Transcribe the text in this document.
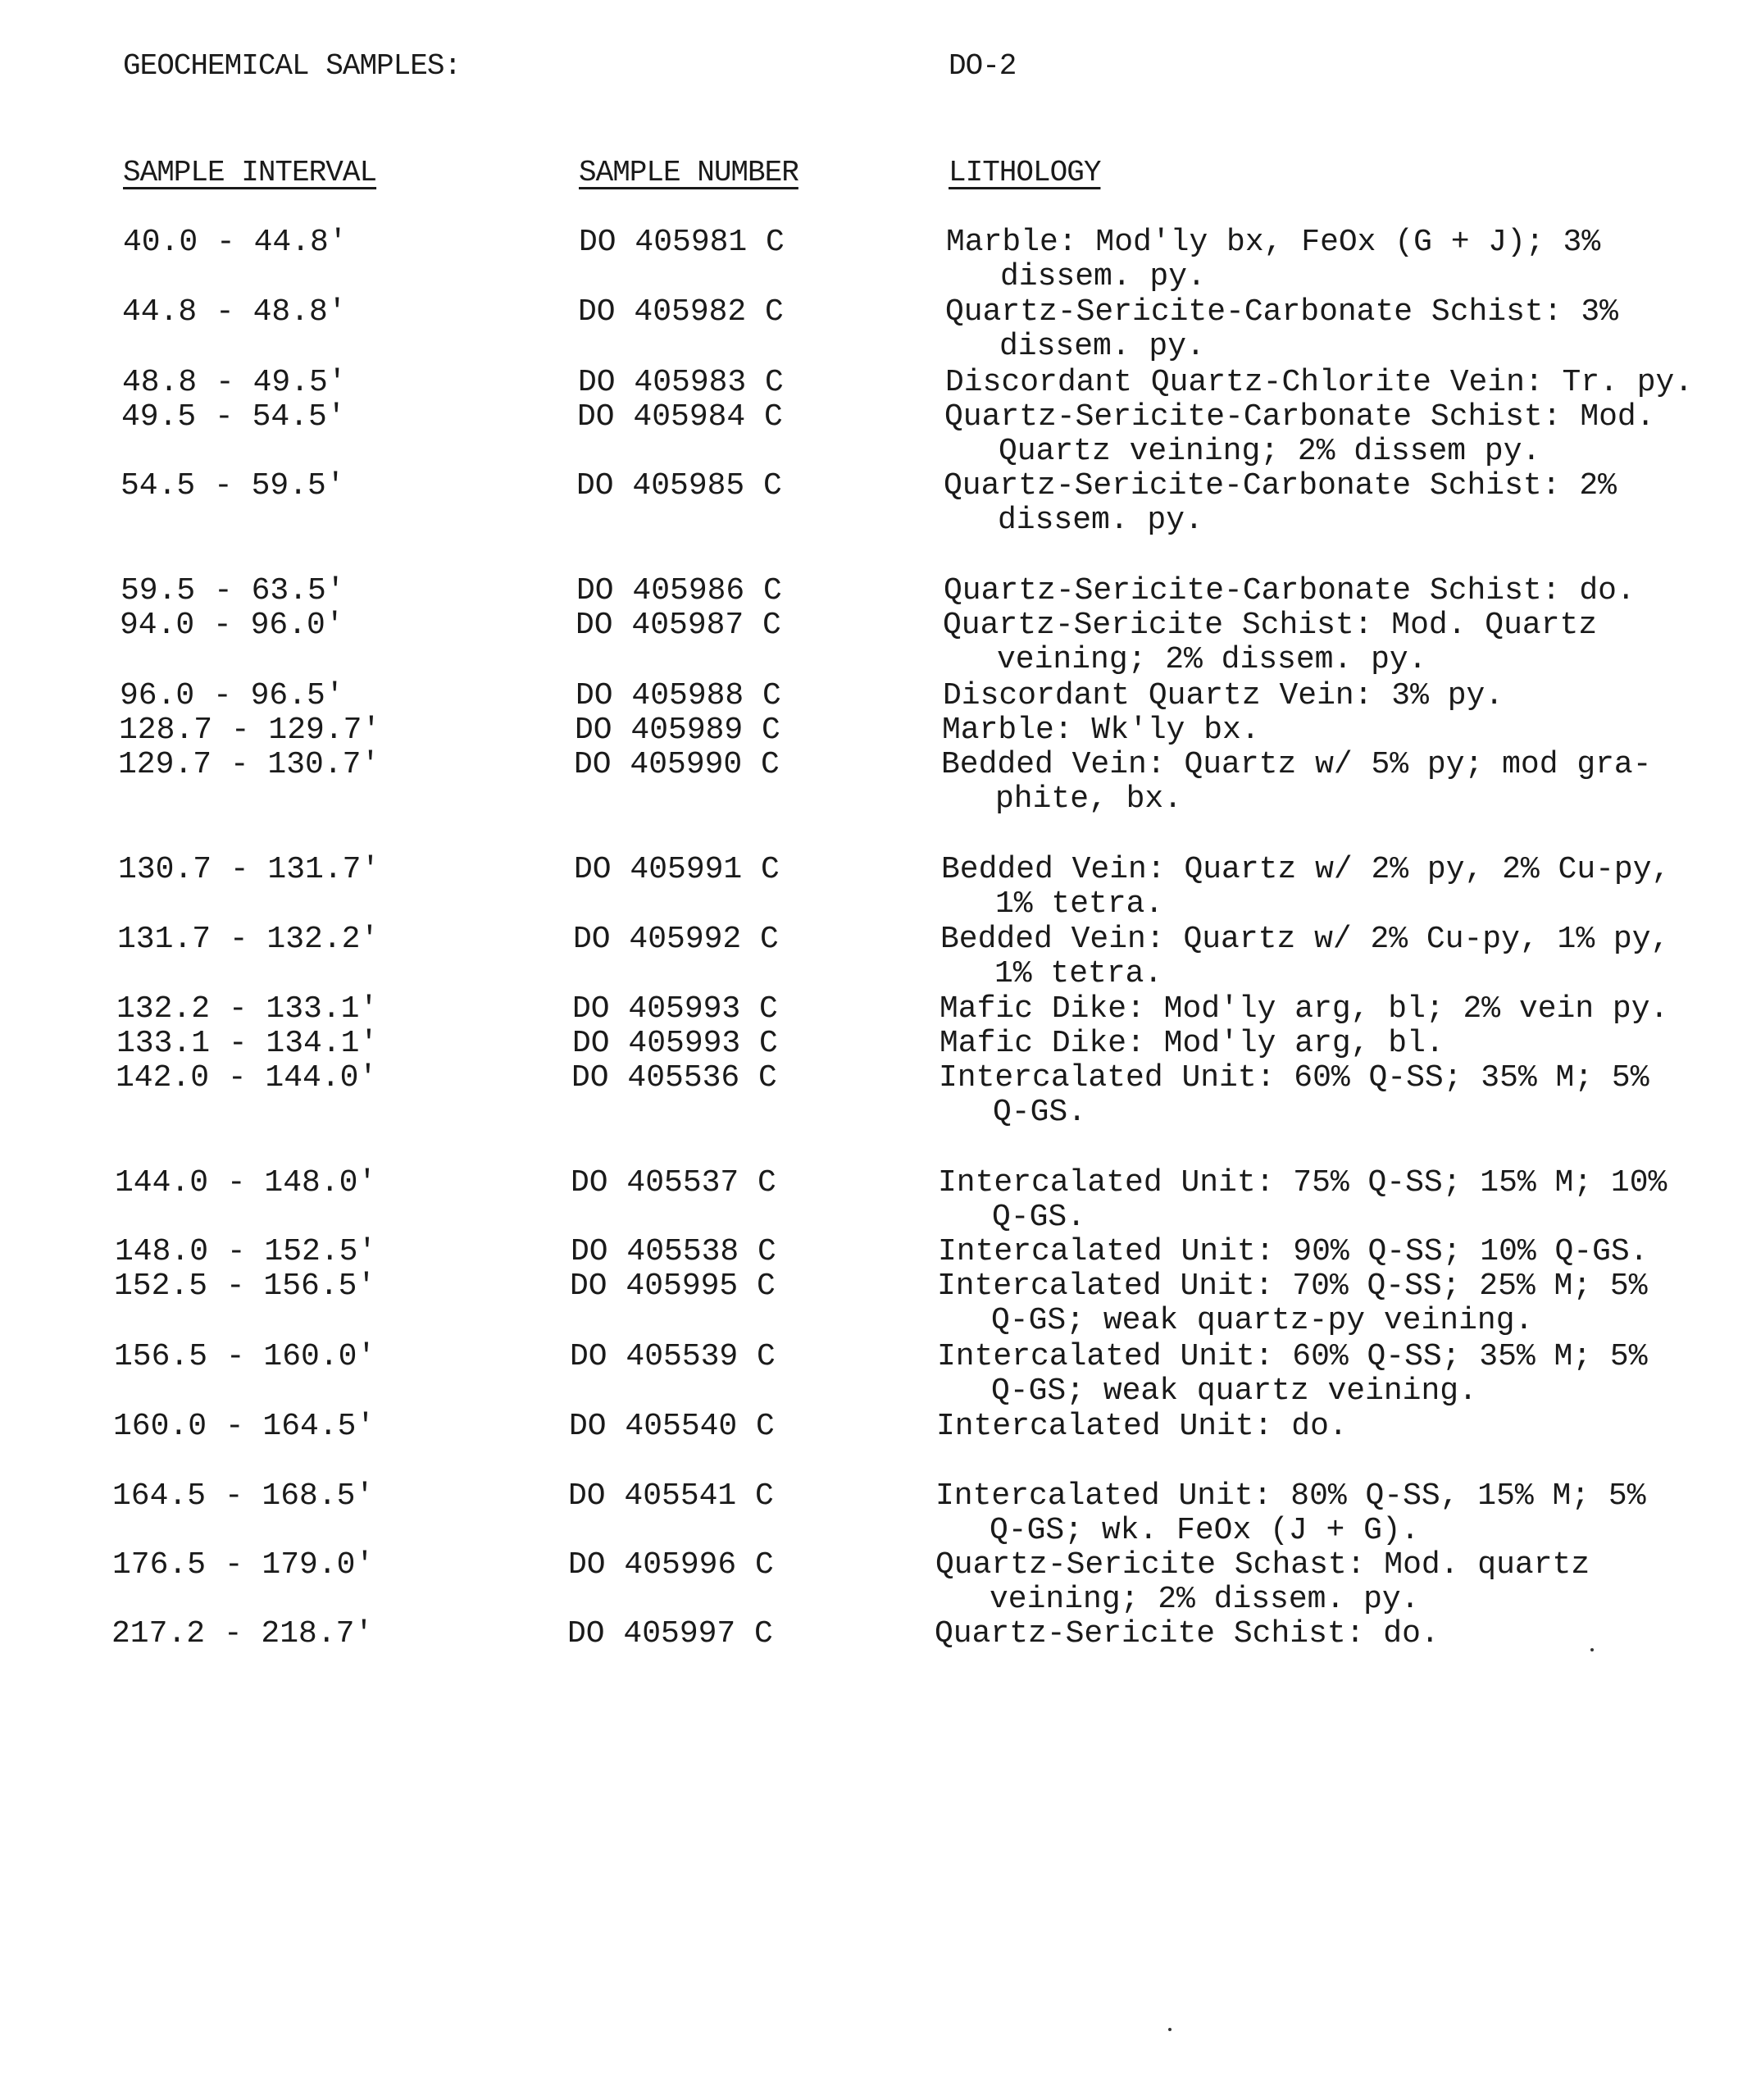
GEOCHEMICAL SAMPLES:	DO-2
SAMPLE INTERVAL	SAMPLE NUMBER	LITHOLOGY
40.0 - 44.8'	DO 405981 C	Marble: Mod'ly bx, FeOx (G + J); 3%
dissem. py.
44.8 - 48.8'	DO 405982 C	Quartz-Sericite-Carbonate Schist: 3%
dissem. py.
48.8 - 49.5'	DO 405983 C	Discordant Quartz-Chlorite Vein: Tr. py.
49.5 - 54.5'	DO 405984 C	Quartz-Sericite-Carbonate Schist: Mod.
Quartz veining; 2% dissem py.
54.5 - 59.5'	DO 405985 C	Quartz-Sericite-Carbonate Schist: 2%
dissem. py.
59.5 - 63.5'	DO 405986 C	Quartz-Sericite-Carbonate Schist: do.
94.0 - 96.0'	DO 405987 C	Quartz-Sericite Schist: Mod. Quartz
veining; 2% dissem. py.
96.0 - 96.5'	DO 405988 C	Discordant Quartz Vein: 3% py.
128.7 - 129.7'	DO 405989 C	Marble: Wk'ly bx.
129.7 - 130.7'	DO 405990 C	Bedded Vein: Quartz w/ 5% py; mod gra-
phite, bx.
130.7 - 131.7'	DO 405991 C	Bedded Vein: Quartz w/ 2% py, 2% Cu-py,
1% tetra.
131.7 - 132.2'	DO 405992 C	Bedded Vein: Quartz w/ 2% Cu-py, 1% py,
1% tetra.
132.2 - 133.1'	DO 405993 C	Mafic Dike: Mod'ly arg, bl; 2% vein py.
133.1 - 134.1'	DO 405993 C	Mafic Dike: Mod'ly arg, bl.
142.0 - 144.0'	DO 405536 C	Intercalated Unit: 60% Q-SS; 35% M; 5%
Q-GS.
144.0 - 148.0'	DO 405537 C	Intercalated Unit: 75% Q-SS; 15% M; 10%
Q-GS.
148.0 - 152.5'	DO 405538 C	Intercalated Unit: 90% Q-SS; 10% Q-GS.
152.5 - 156.5'	DO 405995 C	Intercalated Unit: 70% Q-SS; 25% M; 5%
Q-GS; weak quartz-py veining.
156.5 - 160.0'	DO 405539 C	Intercalated Unit: 60% Q-SS; 35% M; 5%
Q-GS; weak quartz veining.
160.0 - 164.5'	DO 405540 C	Intercalated Unit: do.
164.5 - 168.5'	DO 405541 C	Intercalated Unit: 80% Q-SS, 15% M; 5%
Q-GS; wk. FeOx (J + G).
176.5 - 179.0'	DO 405996 C	Quartz-Sericite Schast: Mod. quartz
veining; 2% dissem. py.
217.2 - 218.7'	DO 405997 C	Quartz-Sericite Schist: do.
